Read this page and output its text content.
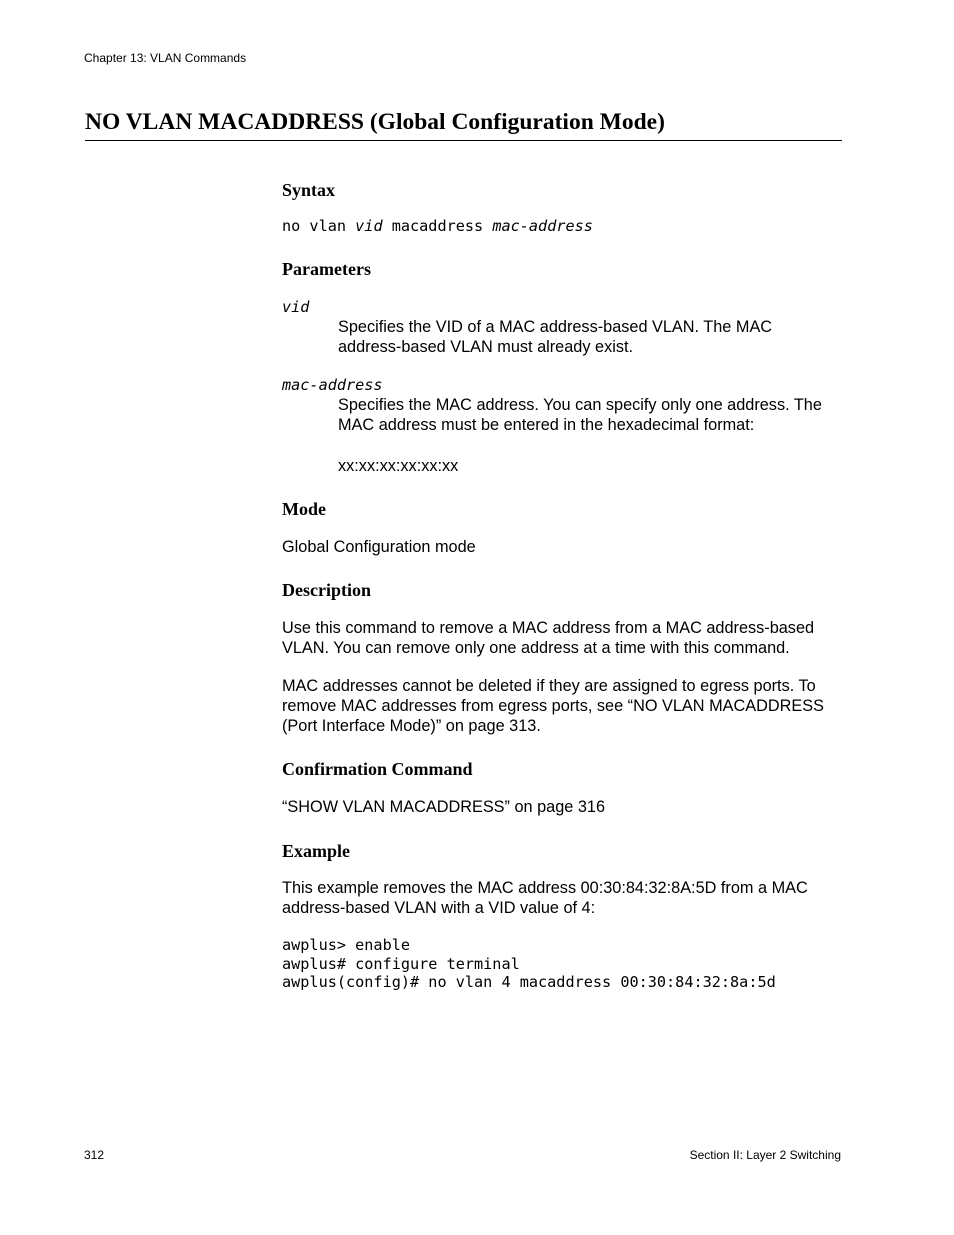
Chapter 13: VLAN Commands
NO VLAN MACADDRESS (Global Configuration Mode)
Syntax
no vlan vid macaddress mac-address
Parameters
vid

Specifies the VID of a MAC address-based VLAN. The MAC address-based VLAN must already exist.

mac-address

Specifies the MAC address. You can specify only one address. The MAC address must be entered in the hexadecimal format:

xx:xx:xx:xx:xx:xx

Mode

Global Configuration mode

Description

Use this command to remove a MAC address from a MAC address-based VLAN. You can remove only one address at a time with this command.

MAC addresses cannot be deleted if they are assigned to egress ports. To remove MAC addresses from egress ports, see “NO VLAN MACADDRESS (Port Interface Mode)” on page 313.

Confirmation Command

“SHOW VLAN MACADDRESS” on page 316

Example

This example removes the MAC address 00:30:84:32:8A:5D from a MAC address-based VLAN with a VID value of 4:

awplus> enable
awplus# configure terminal
awplus(config)# no vlan 4 macaddress 00:30:84:32:8a:5d
312	Section II: Layer 2 Switching
